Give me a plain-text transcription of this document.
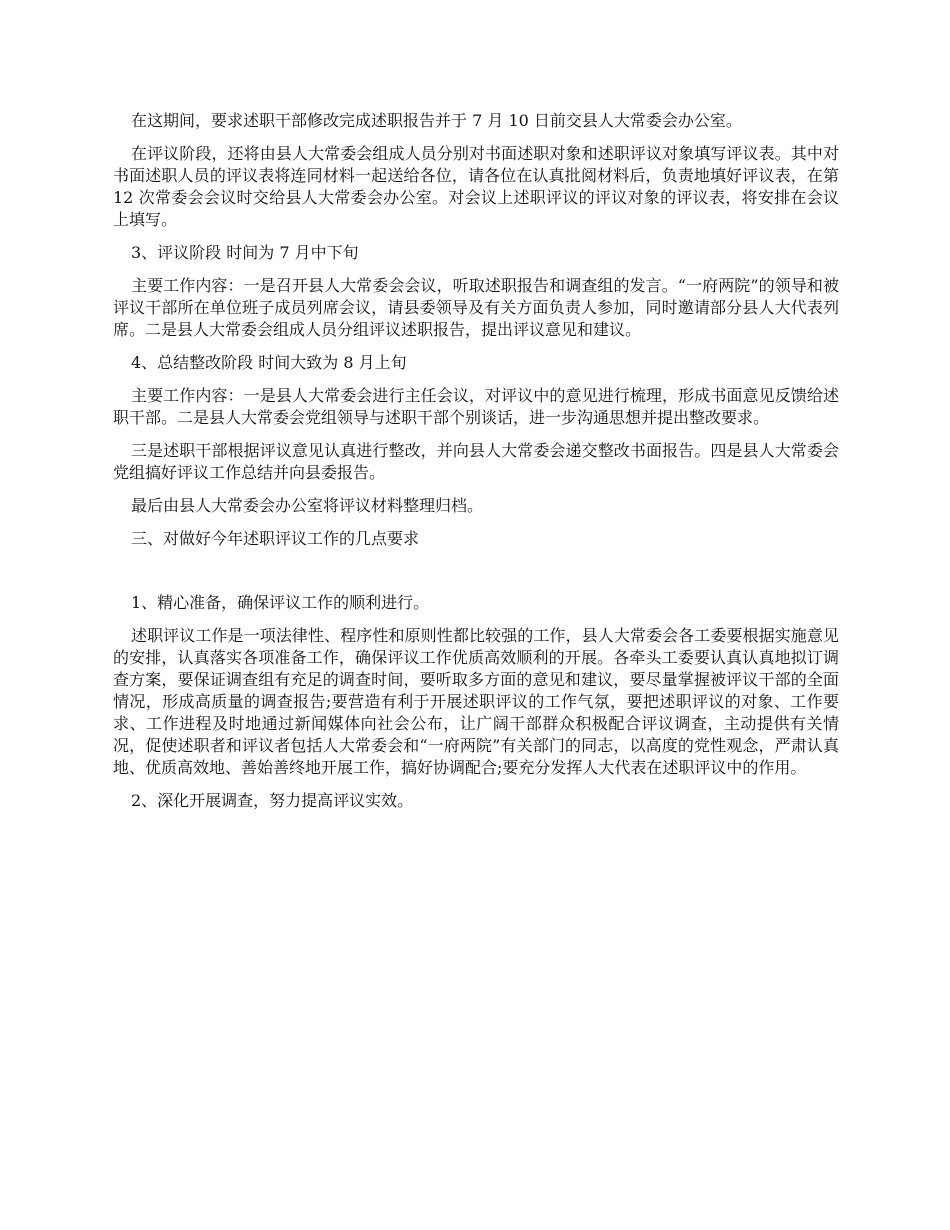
在这期间，要求述职干部修改完成述职报告并于 7 月 10 日前交县人大常委会办公室。

在评议阶段，还将由县人大常委会组成人员分别对书面述职对象和述职评议对象填写评议表。其中对书面述职人员的评议表将连同材料一起送给各位，请各位在认真批阅材料后，负责地填好评议表，在第 12 次常委会会议时交给县人大常委会办公室。对会议上述职评议的评议对象的评议表，将安排在会议上填写。

3、评议阶段 时间为 7 月中下旬

主要工作内容：一是召开县人大常委会会议，听取述职报告和调查组的发言。“一府两院”的领导和被评议干部所在单位班子成员列席会议，请县委领导及有关方面负责人参加，同时邀请部分县人大代表列席。二是县人大常委会组成人员分组评议述职报告，提出评议意见和建议。

4、总结整改阶段 时间大致为 8 月上旬

主要工作内容：一是县人大常委会进行主任会议，对评议中的意见进行梳理，形成书面意见反馈给述职干部。二是县人大常委会党组领导与述职干部个别谈话，进一步沟通思想并提出整改要求。

三是述职干部根据评议意见认真进行整改，并向县人大常委会递交整改书面报告。四是县人大常委会党组搞好评议工作总结并向县委报告。

最后由县人大常委会办公室将评议材料整理归档。

三、对做好今年述职评议工作的几点要求

1、精心准备，确保评议工作的顺利进行。

述职评议工作是一项法律性、程序性和原则性都比较强的工作，县人大常委会各工委要根据实施意见的安排，认真落实各项准备工作，确保评议工作优质高效顺利的开展。各牵头工委要认真认真地拟订调查方案，要保证调查组有充足的调查时间，要听取多方面的意见和建议，要尽量掌握被评议干部的全面情况，形成高质量的调查报告;要营造有利于开展述职评议的工作气氛，要把述职评议的对象、工作要求、工作进程及时地通过新闻媒体向社会公布，让广阔干部群众积极配合评议调查，主动提供有关情况，促使述职者和评议者包括人大常委会和“一府两院”有关部门的同志，以高度的党性观念，严肃认真地、优质高效地、善始善终地开展工作，搞好协调配合;要充分发挥人大代表在述职评议中的作用。

2、深化开展调查，努力提高评议实效。
